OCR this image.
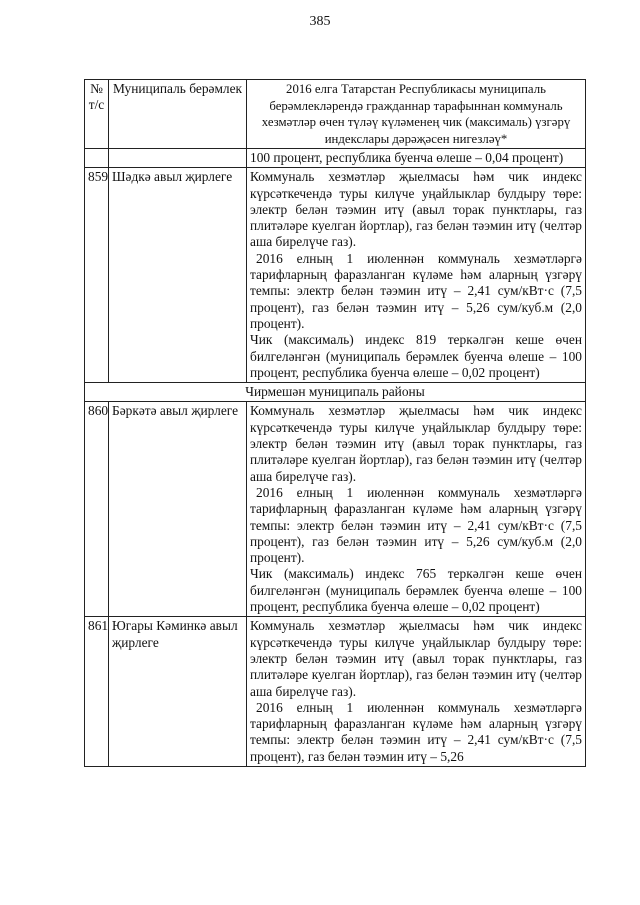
385
№ т/с	Муниципаль берәмлек	2016 елга Татарстан Республикасы муниципаль берәмлекләрендә гражданнар тарафыннан коммуналь хезмәтләр өчен түләү күләменең чик (максималь) үзгәрү индекслары дәрәҗәсен нигезләү*

		100 процент, республика буенча өлеше – 0,04 процент)

859	Шәдкә авыл җирлеге	Коммуналь хезмәтләр җыелмасы һәм чик индекс күрсәткечендә туры килүче уңайлыклар булдыру төре: электр белән тәэмин итү (авыл торак пунктлары, газ плитәләре куелган йортлар), газ белән тәэмин итү (челтәр аша бирелүче газ).

2016 елның 1 июленнән коммуналь хезмәтләргә тарифларның фаразланган күләме һәм аларның үзгәрү темпы: электр белән тәэмин итү – 2,41 сум/кВт·с (7,5 процент), газ белән тәэмин итү – 5,26 сум/куб.м (2,0 процент).

Чик (максималь) индекс 819 теркәлгән кеше өчен билгеләнгән (муниципаль берәмлек буенча өлеше – 100 процент, республика буенча өлеше – 0,02 процент)

Чирмешән муниципаль районы		
860	Бәркәтә авыл җирлеге	Коммуналь хезмәтләр җыелмасы һәм чик индекс күрсәткечендә туры килүче уңайлыклар булдыру төре: электр белән тәэмин итү (авыл торак пунктлары, газ плитәләре куелган йортлар), газ белән тәэмин итү (челтәр аша бирелүче газ).

2016 елның 1 июленнән коммуналь хезмәтләргә тарифларның фаразланган күләме һәм аларның үзгәрү темпы: электр белән тәэмин итү – 2,41 сум/кВт·с (7,5 процент), газ белән тәэмин итү – 5,26 сум/куб.м (2,0 процент).

Чик (максималь) индекс 765 теркәлгән кеше өчен билгеләнгән (муниципаль берәмлек буенча өлеше – 100 процент, республика буенча өлеше – 0,02 процент)

861	Югары Кәминкә авыл җирлеге	Коммуналь хезмәтләр җыелмасы һәм чик индекс күрсәткечендә туры килүче уңайлыклар булдыру төре: электр белән тәэмин итү (авыл торак пунктлары, газ плитәләре куелган йортлар), газ белән тәэмин итү (челтәр аша бирелүче газ).

2016 елның 1 июленнән коммуналь хезмәтләргә тарифларның фаразланган күләме һәм аларның үзгәрү темпы: электр белән тәэмин итү – 2,41 сум/кВт·с (7,5 процент), газ белән тәэмин итү – 5,26
